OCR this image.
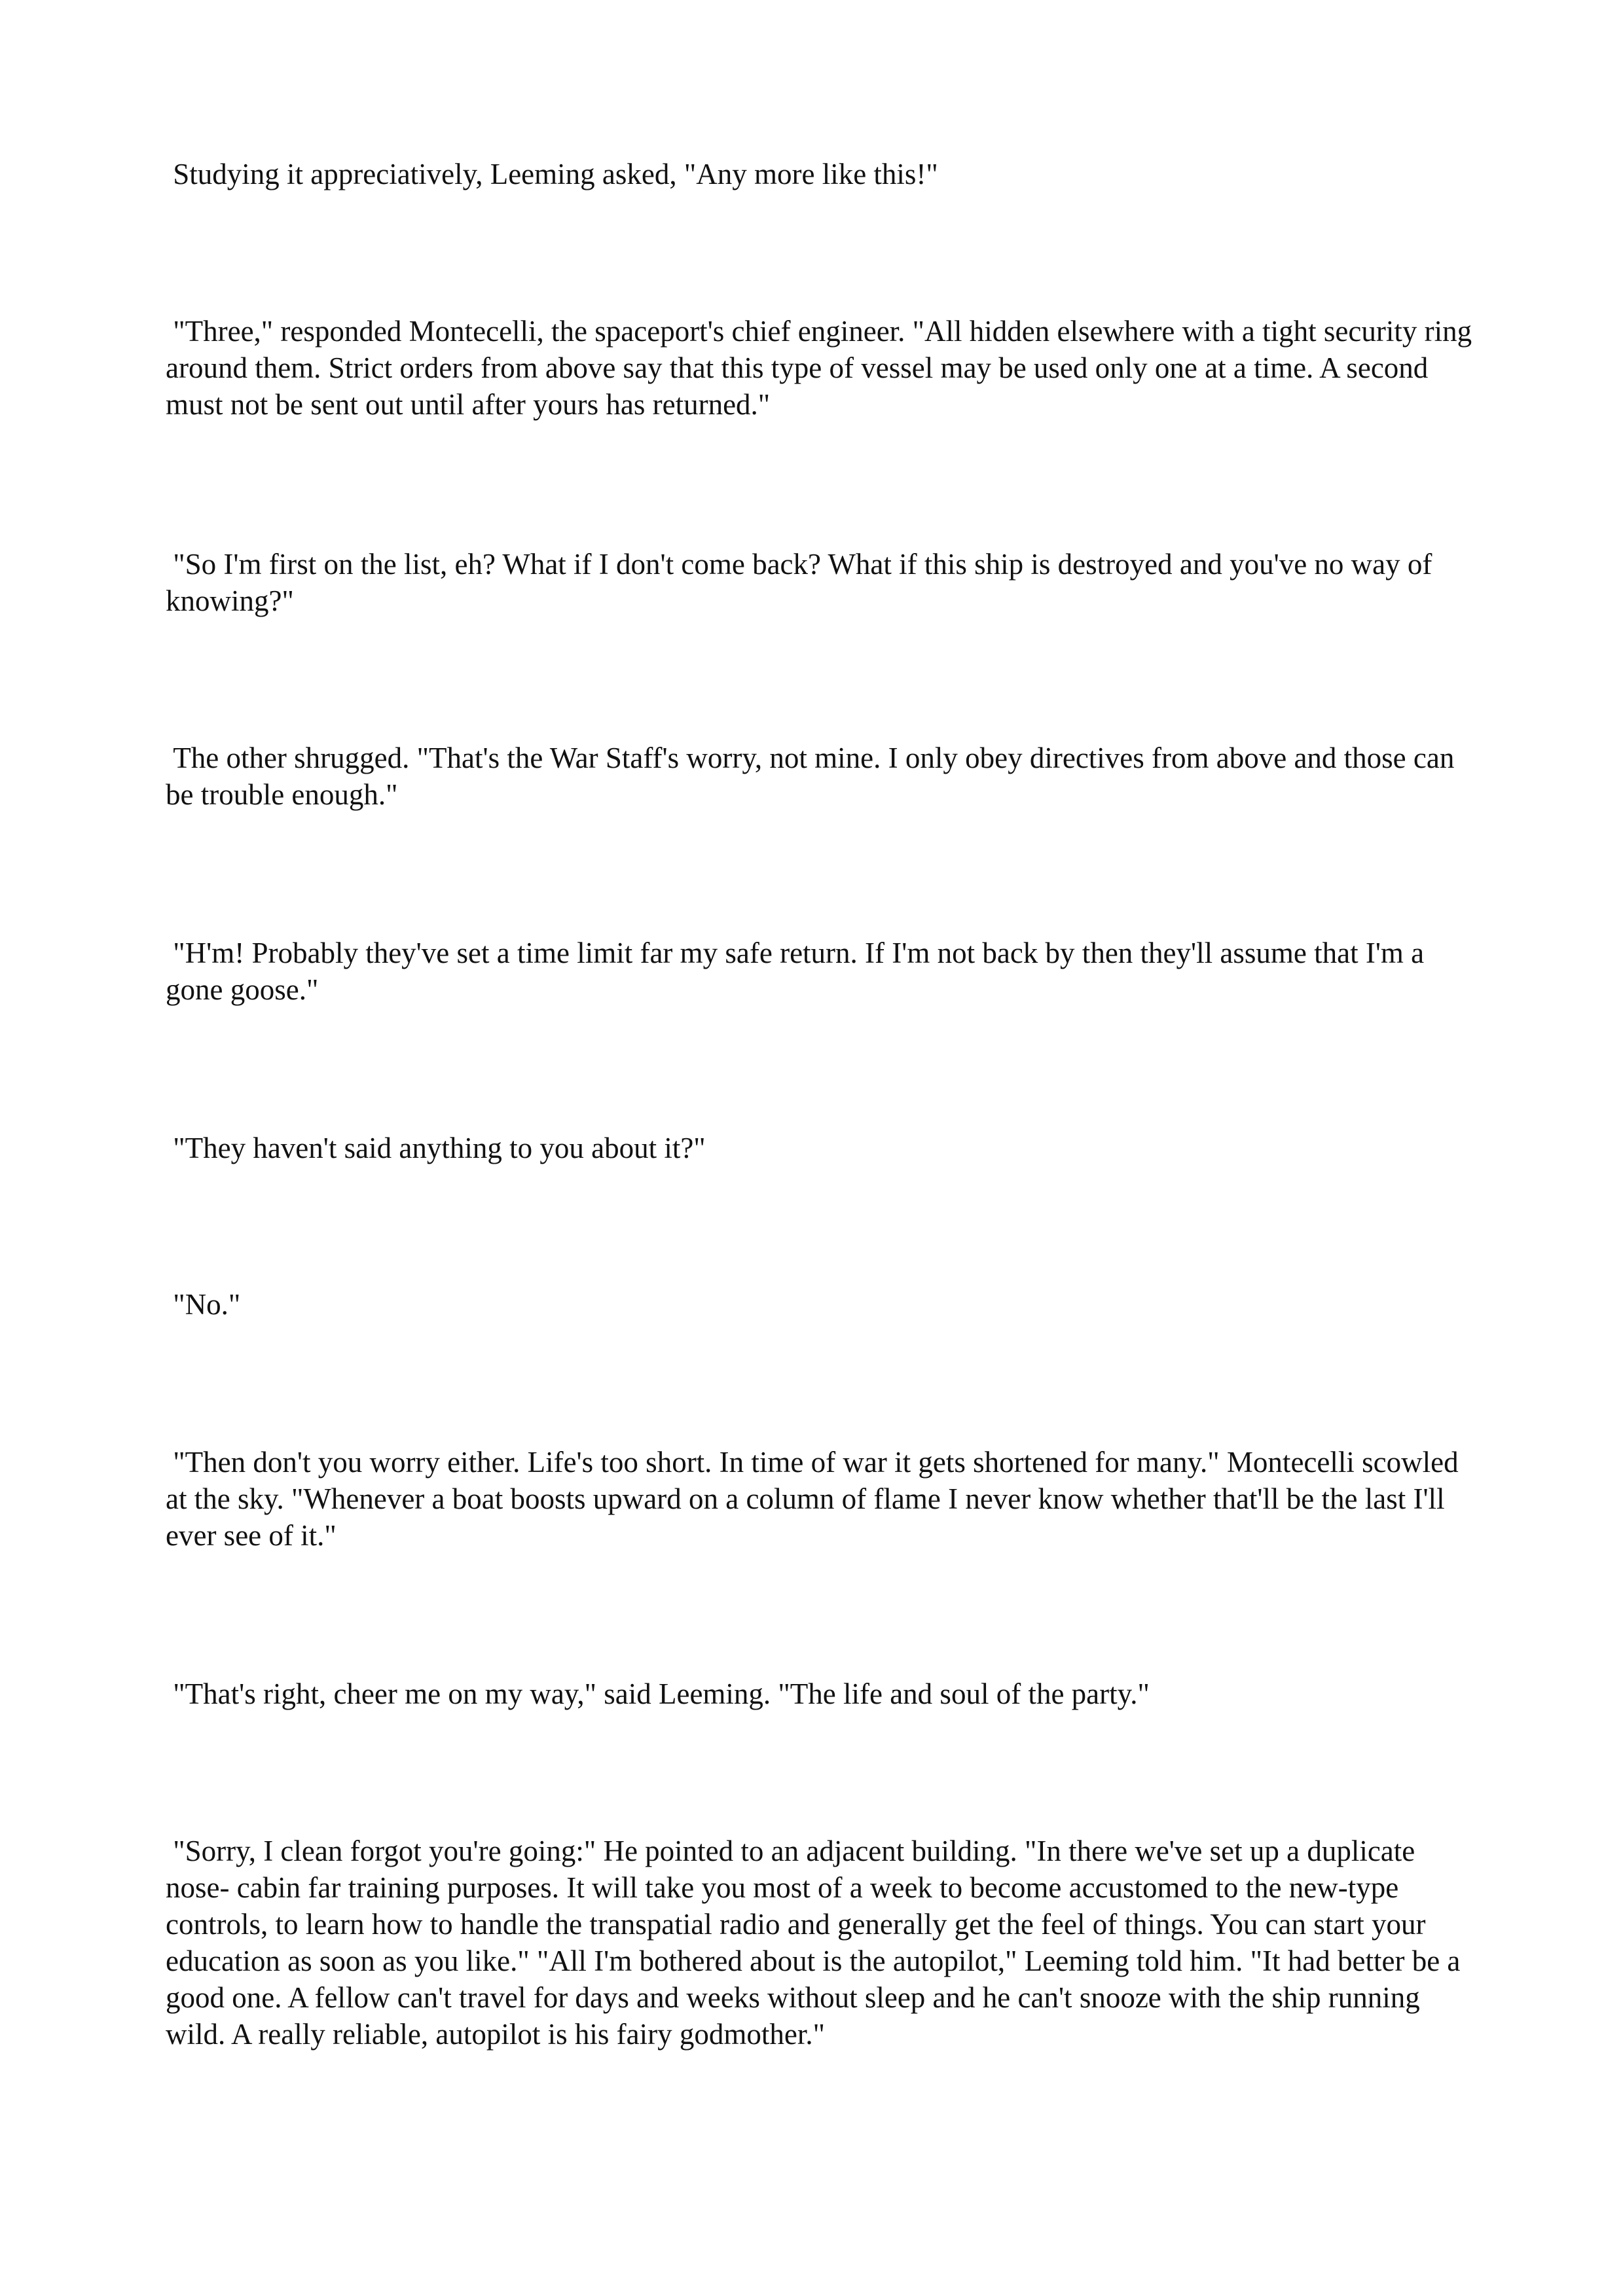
Studying it appreciatively, Leeming asked, "Any more like this!"

"Three," responded Montecelli, the spaceport's chief engineer. "All hidden elsewhere with a tight security ring around them. Strict orders from above say that this type of vessel may be used only one at a time. A second must not be sent out until after yours has returned."

"So I'm first on the list, eh? What if I don't come back? What if this ship is destroyed and you've no way of knowing?"

The other shrugged. "That's the War Staff's worry, not mine. I only obey directives from above and those can be trouble enough."

"H'm! Probably they've set a time limit far my safe return. If I'm not back by then they'll assume that I'm a gone goose."

"They haven't said anything to you about it?"

"No."

"Then don't you worry either. Life's too short. In time of war it gets shortened for many." Montecelli scowled at the sky. "Whenever a boat boosts upward on a column of flame I never know whether that'll be the last I'll ever see of it."

"That's right, cheer me on my way," said Leeming. "The life and soul of the party."

"Sorry, I clean forgot you're going:" He pointed to an adjacent building. "In there we've set up a duplicate nose- cabin far training purposes. It will take you most of a week to become accustomed to the new-type controls, to learn how to handle the transpatial radio and generally get the feel of things. You can start your education as soon as you like." "All I'm bothered about is the autopilot," Leeming told him. "It had better be a good one. A fellow can't travel for days and weeks without sleep and he can't snooze with the ship running wild. A really reliable, autopilot is his fairy godmother."
